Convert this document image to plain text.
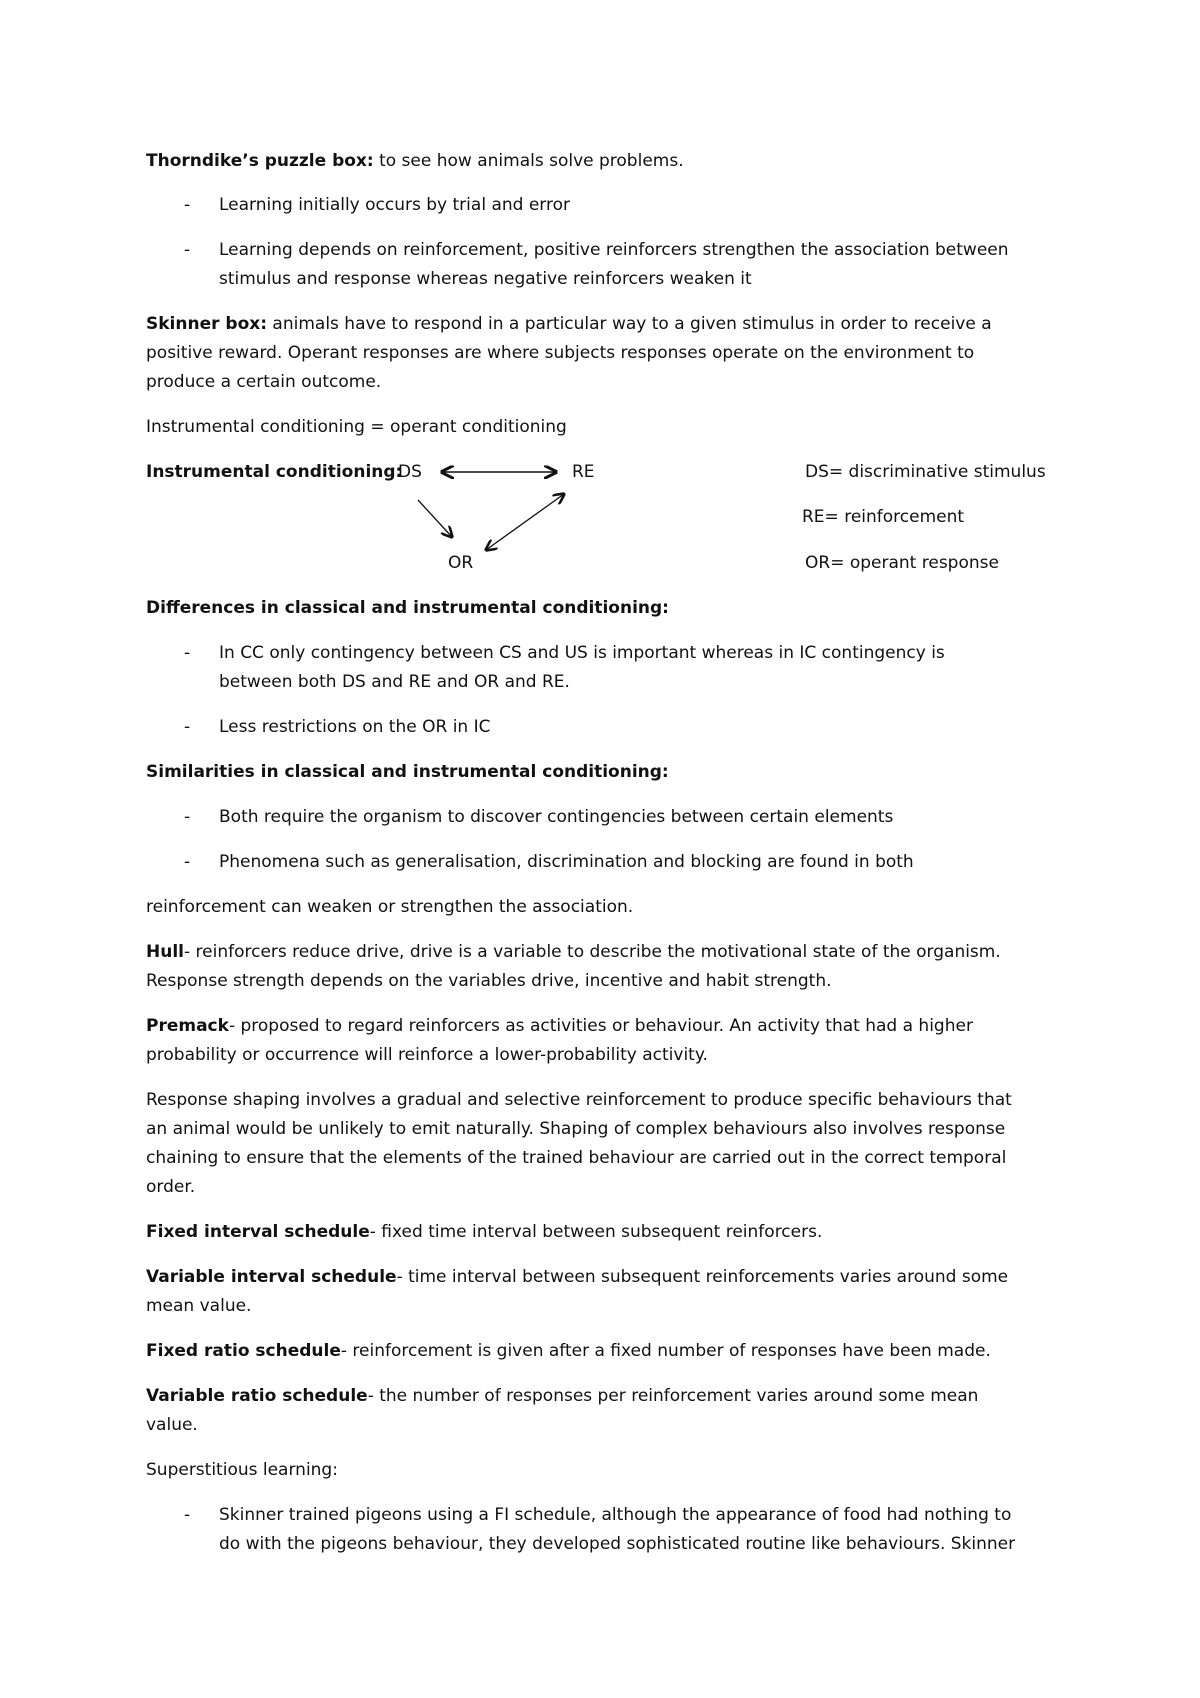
Thorndike’s puzzle box: to see how animals solve problems.
- Learning initially occurs by trial and error
- Learning depends on reinforcement, positive reinforcers strengthen the association between
stimulus and response whereas negative reinforcers weaken it
Skinner box: animals have to respond in a particular way to a given stimulus in order to receive a
positive reward. Operant responses are where subjects responses operate on the environment to
produce a certain outcome.
Instrumental conditioning = operant conditioning
Instrumental conditioning:
DS	RE
OR
DS= discriminative stimulus
RE= reinforcement
OR= operant response
Differences in classical and instrumental conditioning:
- In CC only contingency between CS and US is important whereas in IC contingency is
between both DS and RE and OR and RE.
- Less restrictions on the OR in IC
Similarities in classical and instrumental conditioning:
- Both require the organism to discover contingencies between certain elements
- Phenomena such as generalisation, discrimination and blocking are found in both
reinforcement can weaken or strengthen the association.
Hull- reinforcers reduce drive, drive is a variable to describe the motivational state of the organism.
Response strength depends on the variables drive, incentive and habit strength.
Premack- proposed to regard reinforcers as activities or behaviour. An activity that had a higher
probability or occurrence will reinforce a lower-probability activity.
Response shaping involves a gradual and selective reinforcement to produce specific behaviours that
an animal would be unlikely to emit naturally. Shaping of complex behaviours also involves response
chaining to ensure that the elements of the trained behaviour are carried out in the correct temporal
order.
Fixed interval schedule- fixed time interval between subsequent reinforcers.
Variable interval schedule- time interval between subsequent reinforcements varies around some
mean value.
Fixed ratio schedule- reinforcement is given after a fixed number of responses have been made.
Variable ratio schedule- the number of responses per reinforcement varies around some mean
value.
Superstitious learning:
- Skinner trained pigeons using a FI schedule, although the appearance of food had nothing to
do with the pigeons behaviour, they developed sophisticated routine like behaviours. Skinner
